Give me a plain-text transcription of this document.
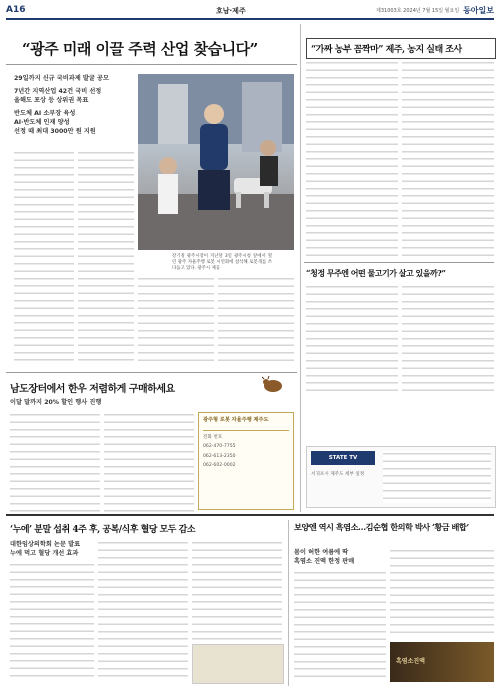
A16	호남·제주	제31003호 2024년 7월 15일 월요일 동아일보
“광주 미래 이끌 주력 산업 찾습니다”
29일까지 신규 국비과제 발굴 공모
7년간 지역산업 42건 국비 선정
올해도 포상 등 상위권 목표
반도체 AI 소부장 육성
AI·반도체 인재 양성
선정 때 최대 3000만 원 지원
강기정 광주시장이 지난달 3일 광주시청 앞에서 열린 광주 자율주행 로봇 시연회에 참석해 로봇개를 쓰다듬고 있다. 광주시 제공
남도장터에서 한우 저렴하게 구매하세요
이달 말까지 20% 할인 행사 진행
광주형 로봇 자율주행 제주도
전화 번호
062-470-7755
062-613-2350
062-602-0002
“가짜 농부 꼼짝마” 제주, 농지 실태 조사
“청정 무주엔 어떤 물고기가 살고 있을까?”
STATE TV
서귀포시 제주도 세부 일정
‘누에’ 분말 섭취 4주 후, 공복/식후 혈당 모두 감소
대한임상의학회 논문 발표
누에 먹고 혈당 개선 효과
보양엔 역시 흑염소…김순협 한의학 박사 ‘황금 배합’
몸이 허한 여름에 딱
흑염소 진액 한정 판매
흑염소진액
